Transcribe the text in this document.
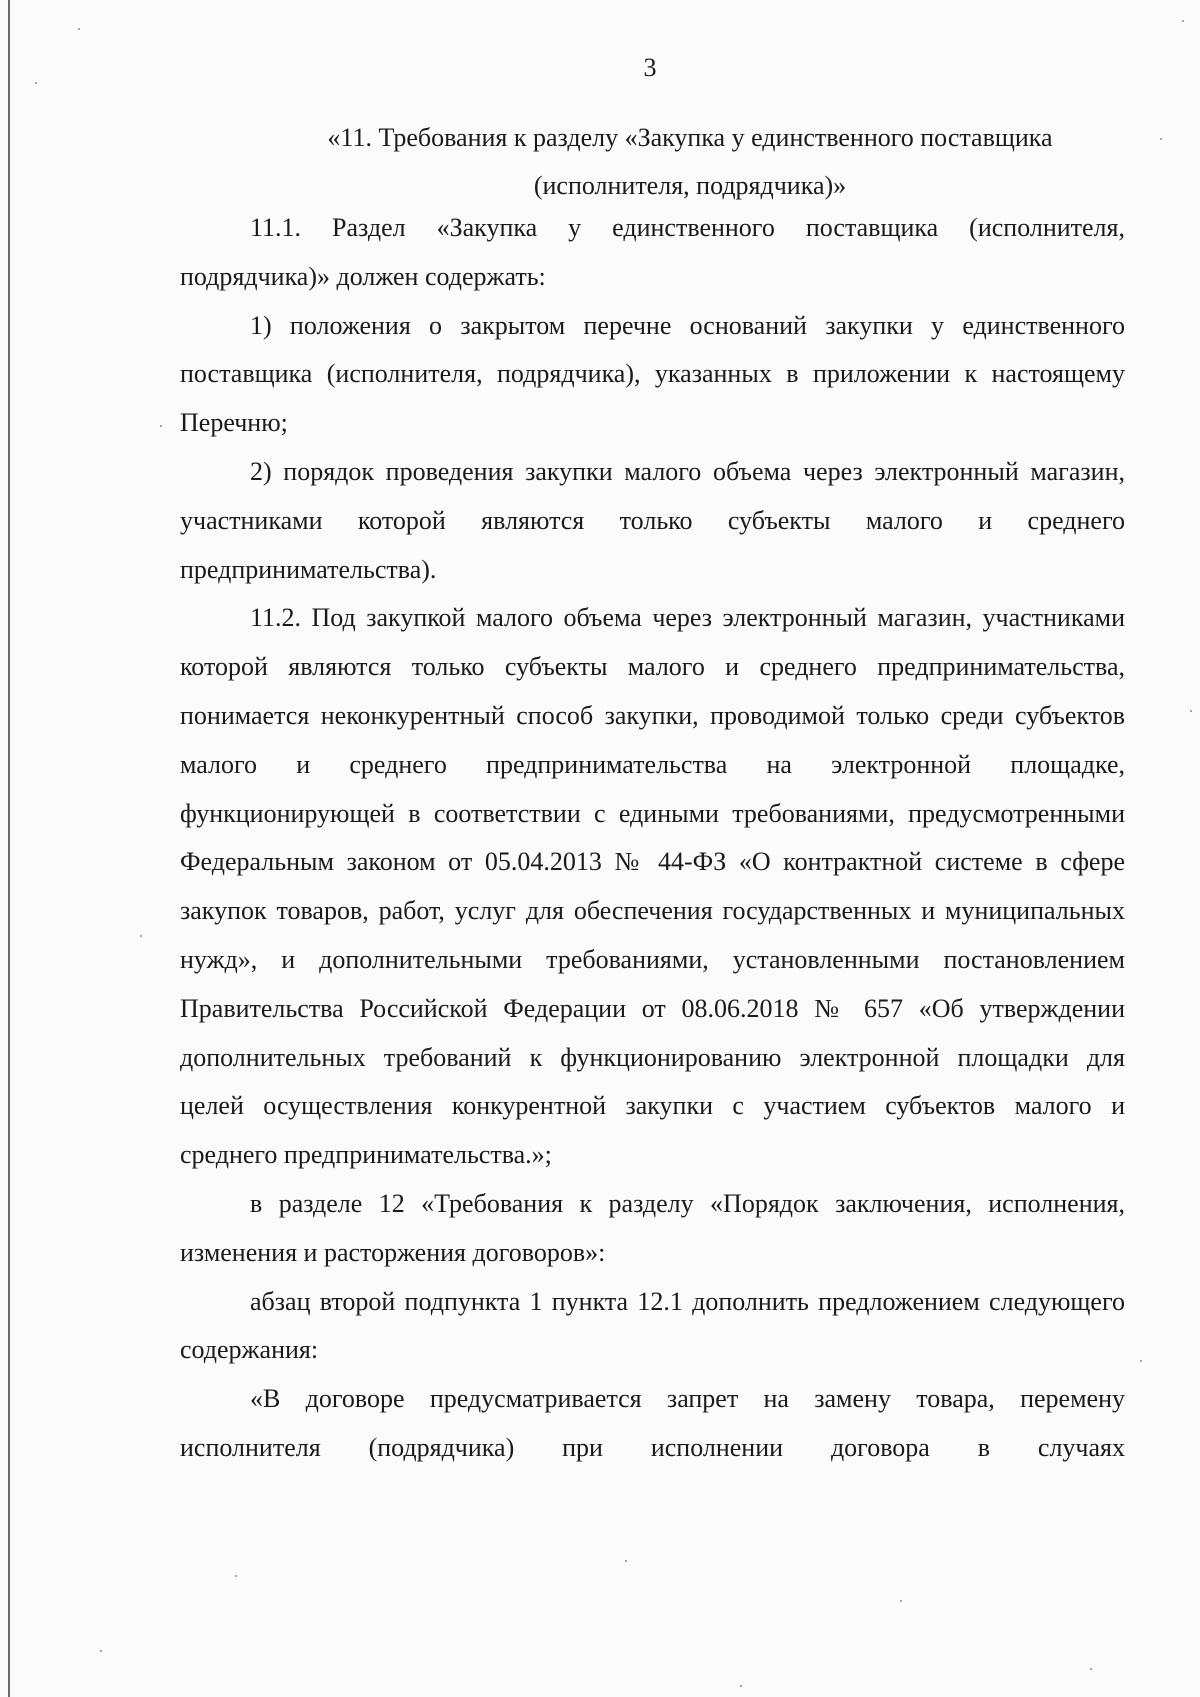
3
«11. Требования к разделу «Закупка у единственного поставщика
(исполнителя, подрядчика)»

11.1. Раздел «Закупка у единственного поставщика (исполнителя, подрядчика)» должен содержать:

1) положения о закрытом перечне оснований закупки у единственного поставщика (исполнителя, подрядчика), указанных в приложении к настоящему Перечню;

2) порядок проведения закупки малого объема через электронный магазин, участниками которой являются только субъекты малого и среднего предпринимательства).

11.2. Под закупкой малого объема через электронный магазин, участниками которой являются только субъекты малого и среднего предпринимательства, понимается неконкурентный способ закупки, проводимой только среди субъектов малого и среднего предпринимательства на электронной площадке, функционирующей в соответствии с едиными требованиями, предусмотренными Федеральным законом от 05.04.2013 № 44-ФЗ «О контрактной системе в сфере закупок товаров, работ, услуг для обеспечения государственных и муниципальных нужд», и дополнительными требованиями, установленными постановлением Правительства Российской Федерации от 08.06.2018 № 657 «Об утверждении дополнительных требований к функционированию электронной площадки для целей осуществления конкурентной закупки с участием субъектов малого и среднего предпринимательства.»;

в разделе 12 «Требования к разделу «Порядок заключения, исполнения, изменения и расторжения договоров»:

абзац второй подпункта 1 пункта 12.1 дополнить предложением следующего содержания:

«В договоре предусматривается запрет на замену товара, перемену исполнителя (подрядчика) при исполнении договора в случаях
